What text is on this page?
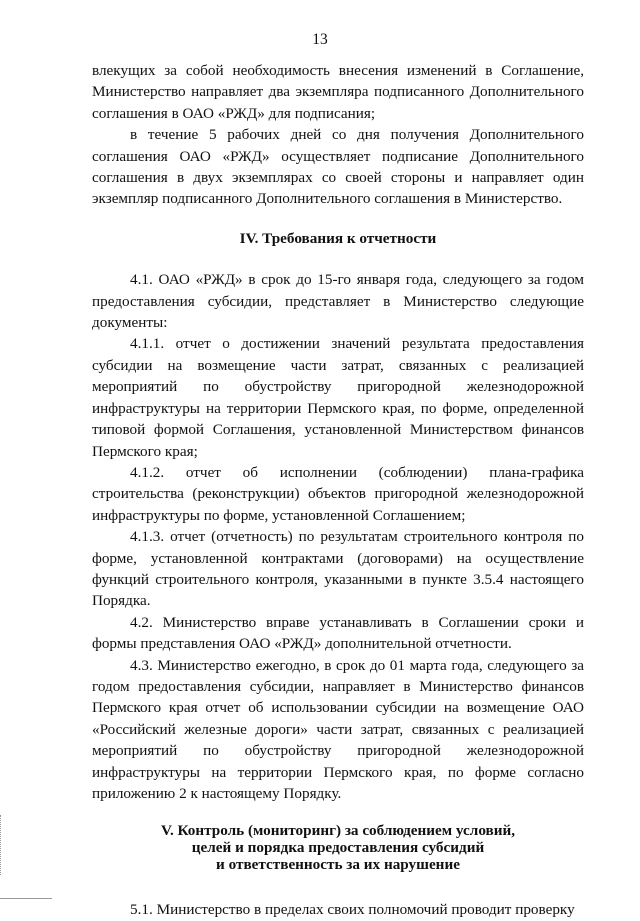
13

влекущих за собой необходимость внесения изменений в Соглашение, Министерство направляет два экземпляра подписанного Дополнительного соглашения в ОАО «РЖД» для подписания;

в течение 5 рабочих дней со дня получения Дополнительного соглашения ОАО «РЖД» осуществляет подписание Дополнительного соглашения в двух экземплярах со своей стороны и направляет один экземпляр подписанного Дополнительного соглашения в Министерство.

IV. Требования к отчетности

4.1. ОАО «РЖД» в срок до 15-го января года, следующего за годом предоставления субсидии, представляет в Министерство следующие документы:

4.1.1. отчет о достижении значений результата предоставления субсидии на возмещение части затрат, связанных с реализацией мероприятий по обустройству пригородной железнодорожной инфраструктуры на территории Пермского края, по форме, определенной типовой формой Соглашения, установленной Министерством финансов Пермского края;

4.1.2. отчет об исполнении (соблюдении) плана-графика строительства (реконструкции) объектов пригородной железнодорожной инфраструктуры по форме, установленной Соглашением;

4.1.3. отчет (отчетность) по результатам строительного контроля по форме, установленной контрактами (договорами) на осуществление функций строительного контроля, указанными в пункте 3.5.4 настоящего Порядка.

4.2. Министерство вправе устанавливать в Соглашении сроки и формы представления ОАО «РЖД» дополнительной отчетности.

4.3. Министерство ежегодно, в срок до 01 марта года, следующего за годом предоставления субсидии, направляет в Министерство финансов Пермского края отчет об использовании субсидии на возмещение ОАО «Российский железные дороги» части затрат, связанных с реализацией мероприятий по обустройству пригородной железнодорожной инфраструктуры на территории Пермского края, по форме согласно приложению 2 к настоящему Порядку.

V. Контроль (мониторинг) за соблюдением условий,
целей и порядка предоставления субсидий
и ответственность за их нарушение

5.1. Министерство в пределах своих полномочий проводит проверку
